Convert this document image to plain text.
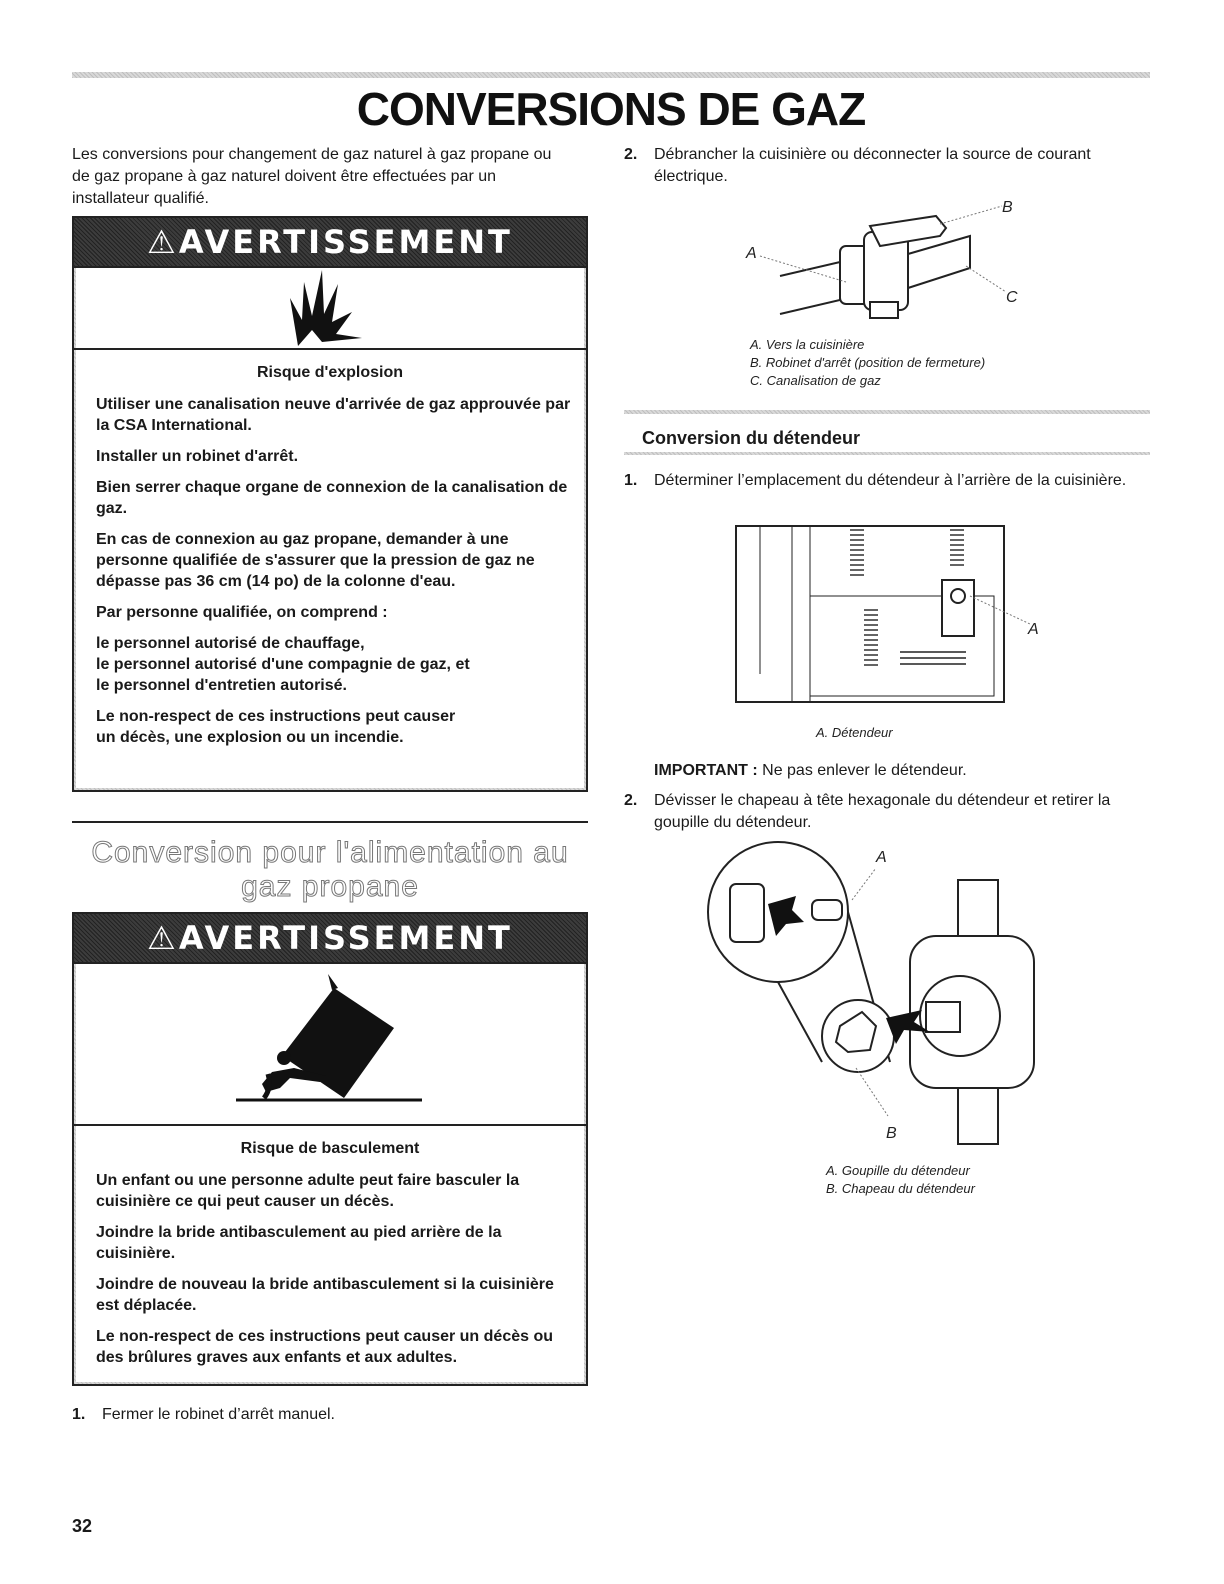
CONVERSIONS DE GAZ
Les conversions pour changement de gaz naturel à gaz propane ou de gaz propane à gaz naturel doivent être effectuées par un installateur qualifié.
⚠AVERTISSEMENT
Risque d'explosion
Utiliser une canalisation neuve d'arrivée de gaz approuvée par la CSA International.
Installer un robinet d'arrêt.
Bien serrer chaque organe de connexion de la canalisation de gaz.
En cas de connexion au gaz propane, demander à une personne qualifiée de s'assurer que la pression de gaz ne dépasse pas 36 cm (14 po) de la colonne d'eau.
Par personne qualifiée, on comprend :
le personnel autorisé de chauffage,
le personnel autorisé d'une compagnie de gaz, et
le personnel d'entretien autorisé.
Le non-respect de ces instructions peut causer
un décès, une explosion ou un incendie.
Conversion pour l'alimentation au gaz propane
⚠AVERTISSEMENT
Risque de basculement
Un enfant ou une personne adulte peut faire basculer la cuisinière ce qui peut causer un décès.
Joindre la bride antibasculement au pied arrière de la cuisinière.
Joindre de nouveau la bride antibasculement si la cuisinière est déplacée.
Le non-respect de ces instructions peut causer un décès ou des brûlures graves aux enfants et aux adultes.
1. Fermer le robinet d’arrêt manuel.
2. Débrancher la cuisinière ou déconnecter la source de courant électrique.
A
B
C
A. Vers la cuisinière
B. Robinet d'arrêt (position de fermeture)
C. Canalisation de gaz
Conversion du détendeur
1. Déterminer l’emplacement du détendeur à l’arrière de la cuisinière.
A
A. Détendeur
IMPORTANT : Ne pas enlever le détendeur.
2. Dévisser le chapeau à tête hexagonale du détendeur et retirer la goupille du détendeur.
A
B
A. Goupille du détendeur
B. Chapeau du détendeur
32
